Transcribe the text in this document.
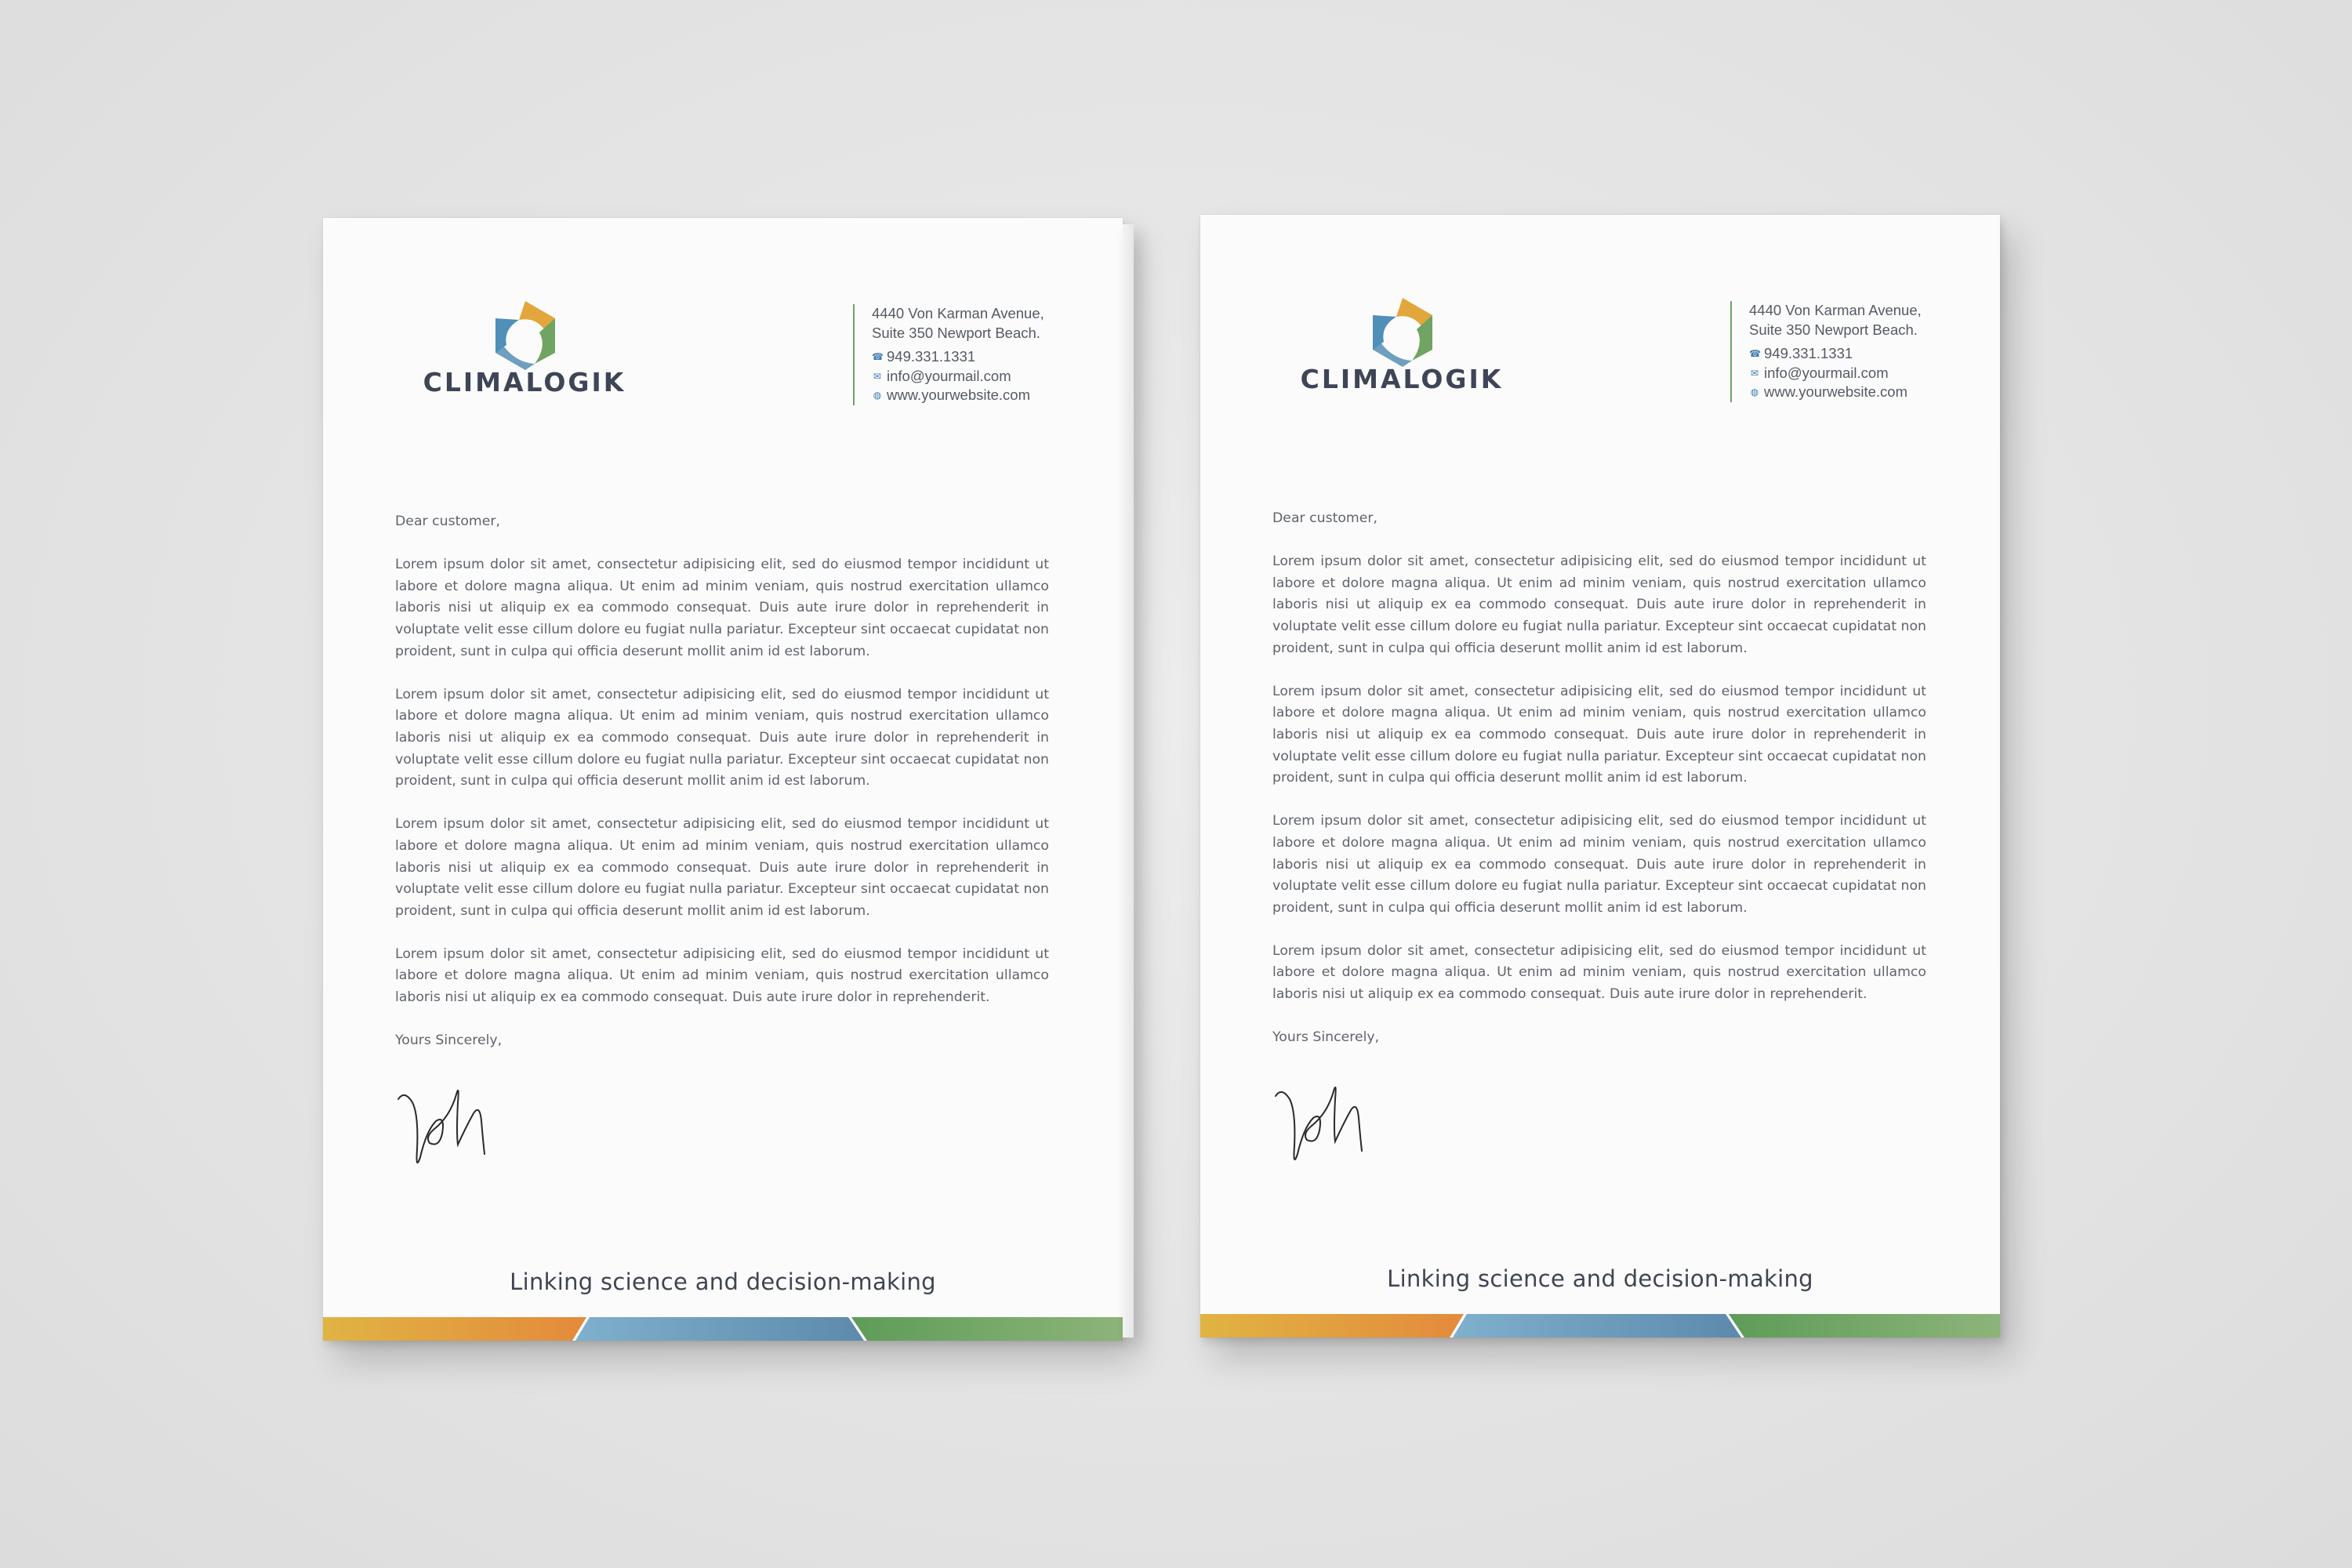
CLIMALOGIK
4440 Von Karman Avenue,
Suite 350 Newport Beach.
☎ 949.331.1331
✉ info@yourmail.com
◍ www.yourwebsite.com

Dear customer,

Lorem ipsum dolor sit amet, consectetur adipisicing elit, sed do eiusmod tempor incididunt ut labore et dolore magna aliqua. Ut enim ad minim veniam, quis nostrud exercitation ullamco laboris nisi ut aliquip ex ea commodo consequat. Duis aute irure dolor in reprehenderit in voluptate velit esse cillum dolore eu fugiat nulla pariatur. Excepteur sint occaecat cupidatat non proident, sunt in culpa qui officia deserunt mollit anim id est laborum.

Lorem ipsum dolor sit amet, consectetur adipisicing elit, sed do eiusmod tempor incididunt ut labore et dolore magna aliqua. Ut enim ad minim veniam, quis nostrud exercitation ullamco laboris nisi ut aliquip ex ea commodo consequat. Duis aute irure dolor in reprehenderit in voluptate velit esse cillum dolore eu fugiat nulla pariatur. Excepteur sint occaecat cupidatat non proident, sunt in culpa qui officia deserunt mollit anim id est laborum.

Lorem ipsum dolor sit amet, consectetur adipisicing elit, sed do eiusmod tempor incididunt ut labore et dolore magna aliqua. Ut enim ad minim veniam, quis nostrud exercitation ullamco laboris nisi ut aliquip ex ea commodo consequat. Duis aute irure dolor in reprehenderit in voluptate velit esse cillum dolore eu fugiat nulla pariatur. Excepteur sint occaecat cupidatat non proident, sunt in culpa qui officia deserunt mollit anim id est laborum.

Lorem ipsum dolor sit amet, consectetur adipisicing elit, sed do eiusmod tempor incididunt ut labore et dolore magna aliqua. Ut enim ad minim veniam, quis nostrud exercitation ullamco laboris nisi ut aliquip ex ea commodo consequat. Duis aute irure dolor in reprehenderit.

Yours Sincerely,

Linking science and decision-making
CLIMALOGIK
4440 Von Karman Avenue,
Suite 350 Newport Beach.
☎ 949.331.1331
✉ info@yourmail.com
◍ www.yourwebsite.com

Dear customer,

Lorem ipsum dolor sit amet, consectetur adipisicing elit, sed do eiusmod tempor incididunt ut labore et dolore magna aliqua. Ut enim ad minim veniam, quis nostrud exercitation ullamco laboris nisi ut aliquip ex ea commodo consequat. Duis aute irure dolor in reprehenderit in voluptate velit esse cillum dolore eu fugiat nulla pariatur. Excepteur sint occaecat cupidatat non proident, sunt in culpa qui officia deserunt mollit anim id est laborum.

Lorem ipsum dolor sit amet, consectetur adipisicing elit, sed do eiusmod tempor incididunt ut labore et dolore magna aliqua. Ut enim ad minim veniam, quis nostrud exercitation ullamco laboris nisi ut aliquip ex ea commodo consequat. Duis aute irure dolor in reprehenderit in voluptate velit esse cillum dolore eu fugiat nulla pariatur. Excepteur sint occaecat cupidatat non proident, sunt in culpa qui officia deserunt mollit anim id est laborum.

Lorem ipsum dolor sit amet, consectetur adipisicing elit, sed do eiusmod tempor incididunt ut labore et dolore magna aliqua. Ut enim ad minim veniam, quis nostrud exercitation ullamco laboris nisi ut aliquip ex ea commodo consequat. Duis aute irure dolor in reprehenderit in voluptate velit esse cillum dolore eu fugiat nulla pariatur. Excepteur sint occaecat cupidatat non proident, sunt in culpa qui officia deserunt mollit anim id est laborum.

Lorem ipsum dolor sit amet, consectetur adipisicing elit, sed do eiusmod tempor incididunt ut labore et dolore magna aliqua. Ut enim ad minim veniam, quis nostrud exercitation ullamco laboris nisi ut aliquip ex ea commodo consequat. Duis aute irure dolor in reprehenderit.

Yours Sincerely,

Linking science and decision-making
